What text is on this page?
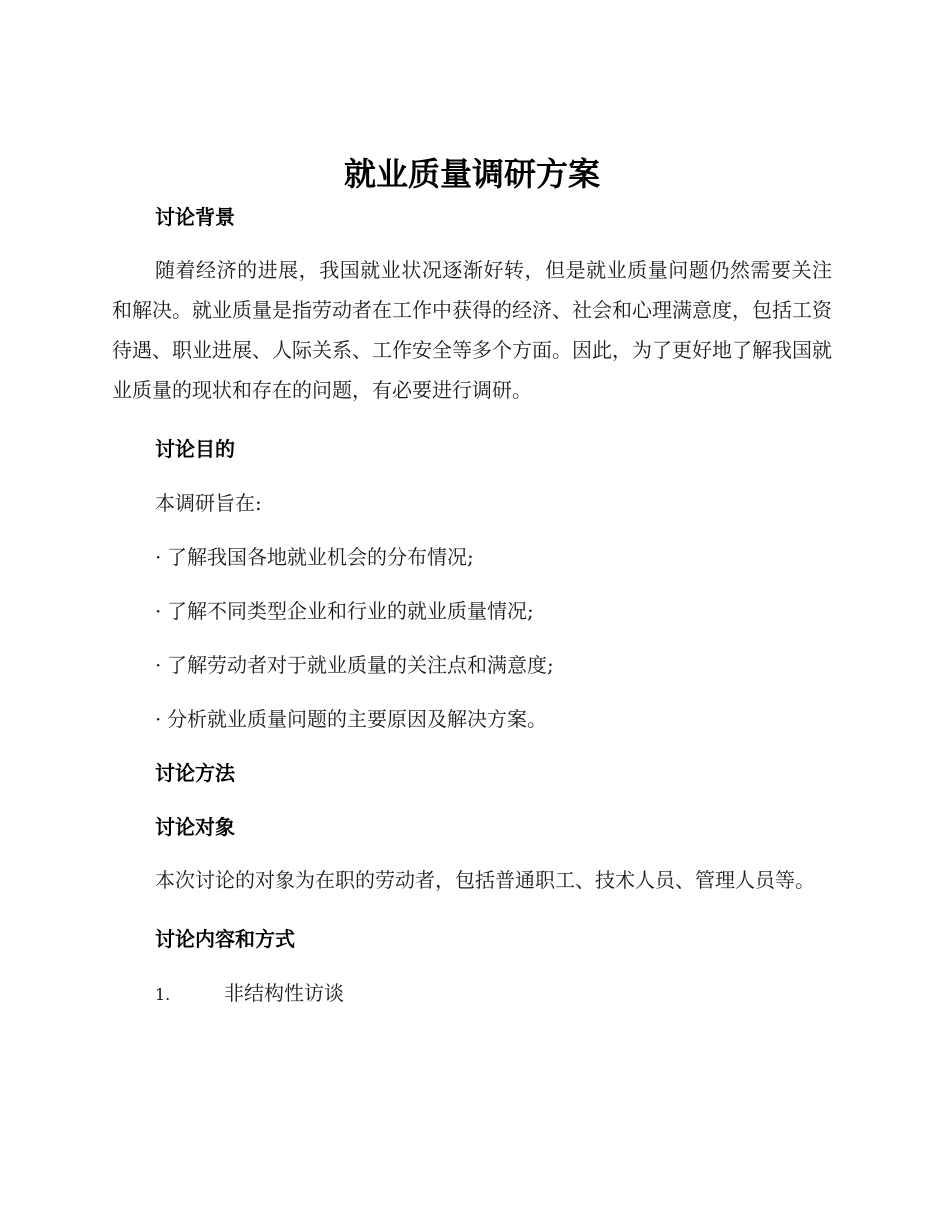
就业质量调研方案
讨论背景

随着经济的进展，我国就业状况逐渐好转，但是就业质量问题仍然需要关注和解决。就业质量是指劳动者在工作中获得的经济、社会和心理满意度，包括工资待遇、职业进展、人际关系、工作安全等多个方面。因此，为了更好地了解我国就业质量的现状和存在的问题，有必要进行调研。

讨论目的

本调研旨在:

· 了解我国各地就业机会的分布情况;
· 了解不同类型企业和行业的就业质量情况;
· 了解劳动者对于就业质量的关注点和满意度;
· 分析就业质量问题的主要原因及解决方案。
讨论方法
讨论对象

本次讨论的对象为在职的劳动者，包括普通职工、技术人员、管理人员等。

讨论内容和方式
1.	非结构性访谈
